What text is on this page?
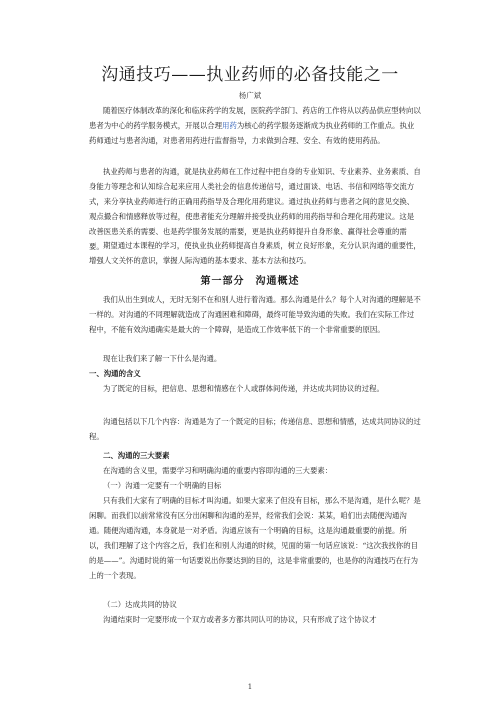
沟通技巧——执业药师的必备技能之一
杨广斌

随着医疗体制改革的深化和临床药学的发展，医院药学部门、药店的工作将从以药品供应型转向以患者为中心的药学服务模式，开展以合理用药为核心的药学服务逐渐成为执业药师的工作重点。执业药师通过与患者沟通，对患者用药进行监督指导，力求做到合理、安全、有效的使用药品。

执业药师与患者的沟通，就是执业药师在工作过程中把自身的专业知识、专业素养、业务素质、自身能力等理念和认知综合起来应用人类社会的信息传递信号，通过面谈、电话、书信和网络等交流方式，来分享执业药师进行的正确用药指导及合理化用药建议。通过执业药师与患者之间的意见交换、观点撮合和情感释放等过程，使患者能充分理解并接受执业药师的用药指导和合理化用药建议。这是改善医患关系的需要、也是药学服务发展的需要，更是执业药师提升自身形象、赢得社会尊重的需要。 期望通过本课程的学习，使执业执业药师提高自身素质，树立良好形象，充分认识沟通的重要性，增强人文关怀的意识，掌握人际沟通的基本要求、基本方法和技巧。

第一部分　沟通概述

我们从出生到成人，无时无刻不在和别人进行着沟通。那么沟通是什么？每个人对沟通的理解是不一样的。对沟通的不同理解就造成了沟通困难和障碍，最终可能导致沟通的失败。我们在实际工作过程中，不能有效沟通确实是最大的一个障碍，是造成工作效率低下的一个非常重要的原因。

现在让我们来了解一下什么是沟通。

一、沟通的含义

为了既定的目标，把信息、思想和情感在个人或群体间传递，并达成共同协议的过程。

沟通包括以下几个内容：沟通是为了一个既定的目标；传递信息、思想和情感，达成共同协议的过程。

二、沟通的三大要素

在沟通的含义里，需要学习和明确沟通的重要内容即沟通的三大要素：

（一）沟通一定要有一个明确的目标

只有我们大家有了明确的目标才叫沟通。如果大家来了但没有目标，那么不是沟通，是什么呢？是闲聊。而我们以前常常没有区分出闲聊和沟通的差异，经常我们会说：某某，咱们出去随便沟通沟通。随便沟通沟通，本身就是一对矛盾。沟通应该有一个明确的目标，这是沟通最重要的前提。所以，我们理解了这个内容之后，我们在和别人沟通的时候，见面的第一句话应该说：“这次我找你的目的是——”。沟通时说的第一句话要说出你要达到的目的，这是非常重要的，也是你的沟通技巧在行为上的一个表现。

（二）达成共同的协议

沟通结束时一定要形成一个双方或者多方都共同认可的协议，只有形成了这个协议才

1
